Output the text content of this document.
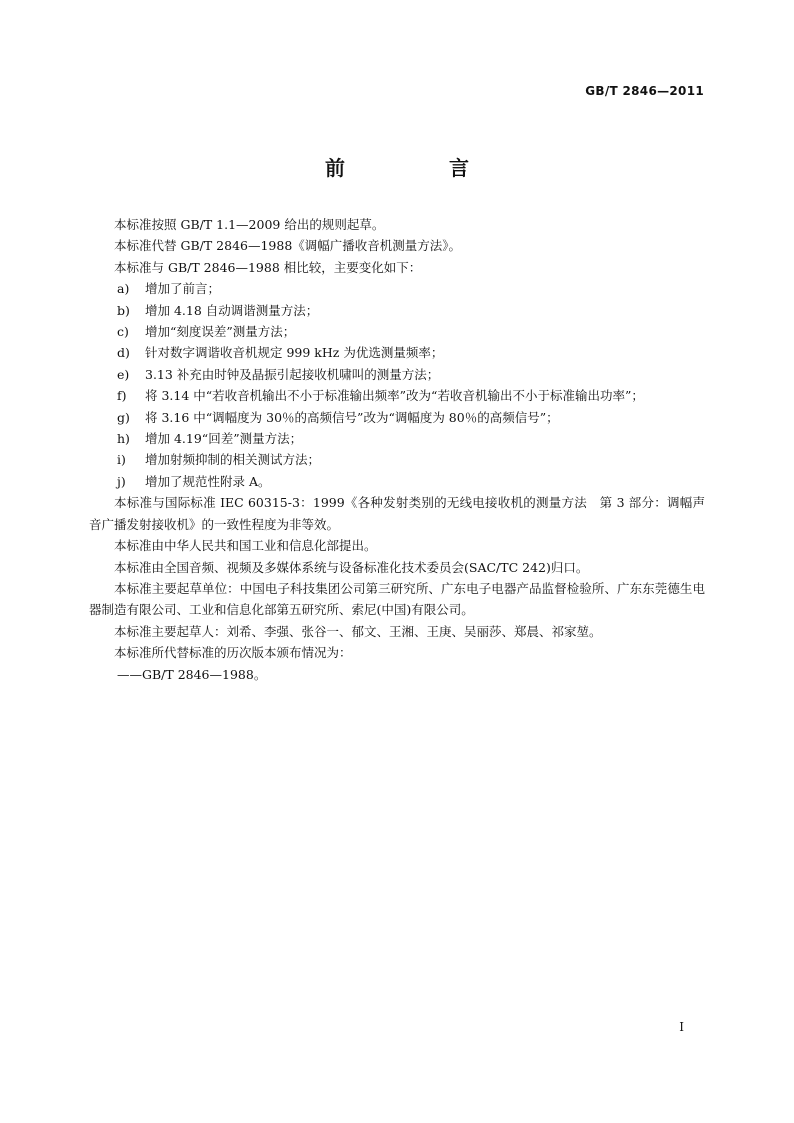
GB/T 2846—2011
前　言

本标准按照 GB/T 1.1—2009 给出的规则起草。

本标准代替 GB/T 2846—1988《调幅广播收音机测量方法》。

本标准与 GB/T 2846—1988 相比较，主要变化如下：

a)	增加了前言；
b)	增加 4.18 自动调谐测量方法；
c)	增加“刻度误差”测量方法；
d)	针对数字调谐收音机规定 999 kHz 为优选测量频率；
e)	3.13 补充由时钟及晶振引起接收机啸叫的测量方法；
f)	将 3.14 中“若收音机输出不小于标准输出频率”改为“若收音机输出不小于标准输出功率”；
g)	将 3.16 中“调幅度为 30％的高频信号”改为“调幅度为 80％的高频信号”；
h)	增加 4.19“回差”测量方法；
i)	增加射频抑制的相关测试方法；
j)	增加了规范性附录 A。

本标准与国际标准 IEC 60315-3：1999《各种发射类别的无线电接收机的测量方法　第 3 部分：调幅声音广播发射接收机》的一致性程度为非等效。

本标准由中华人民共和国工业和信息化部提出。

本标准由全国音频、视频及多媒体系统与设备标准化技术委员会(SAC/TC 242)归口。

本标准主要起草单位：中国电子科技集团公司第三研究所、广东电子电器产品监督检验所、广东东莞德生电器制造有限公司、工业和信息化部第五研究所、索尼(中国)有限公司。

本标准主要起草人：刘希、李强、张谷一、郁文、王湘、王庚、吴丽莎、郑晨、祁家堃。

本标准所代替标准的历次版本颁布情况为：

——GB/T 2846—1988。

I
